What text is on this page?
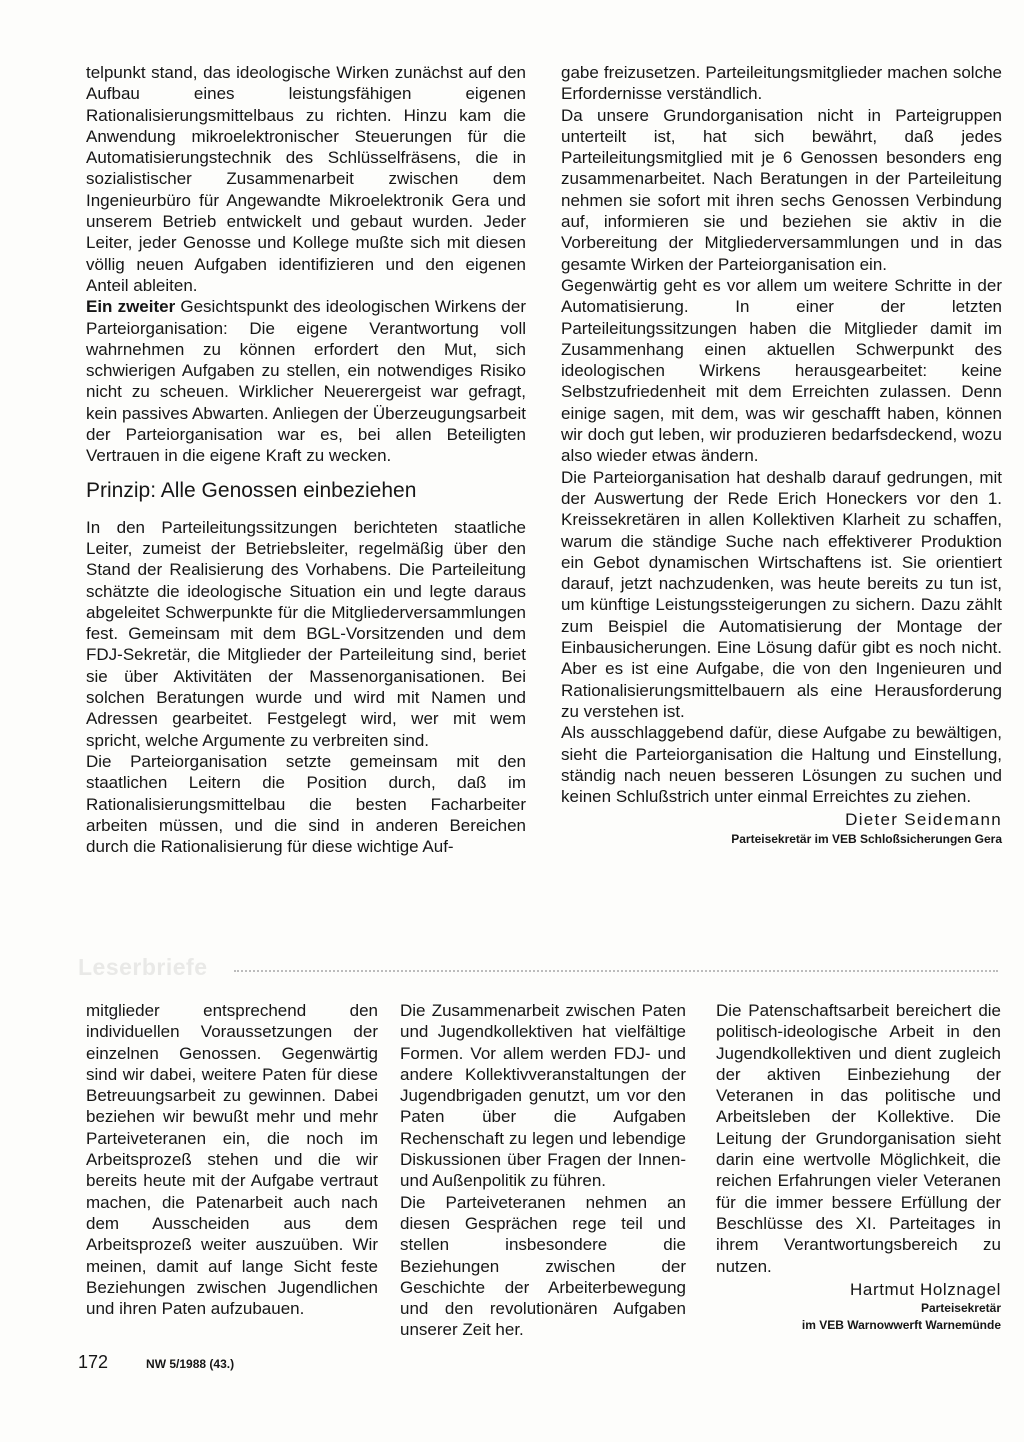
telpunkt stand, das ideologische Wirken zunächst auf den Aufbau eines leistungsfähigen eigenen Rationalisierungsmittelbaus zu richten. Hinzu kam die Anwendung mikroelektronischer Steuerungen für die Automatisierungstechnik des Schlüsselfräsens, die in sozialistischer Zusammenarbeit zwischen dem Ingenieurbüro für Angewandte Mikroelektronik Gera und unserem Betrieb entwickelt und gebaut wurden. Jeder Leiter, jeder Genosse und Kollege mußte sich mit diesen völlig neuen Aufgaben identifizieren und den eigenen Anteil ableiten.

Ein zweiter Gesichtspunkt des ideologischen Wirkens der Parteiorganisation: Die eigene Verantwortung voll wahrnehmen zu können erfordert den Mut, sich schwierigen Aufgaben zu stellen, ein notwendiges Risiko nicht zu scheuen. Wirklicher Neuerergeist war gefragt, kein passives Abwarten. Anliegen der Überzeugungsarbeit der Parteiorganisation war es, bei allen Beteiligten Vertrauen in die eigene Kraft zu wecken.

Prinzip: Alle Genossen einbeziehen

In den Parteileitungssitzungen berichteten staatliche Leiter, zumeist der Betriebsleiter, regelmäßig über den Stand der Realisierung des Vorhabens. Die Parteileitung schätzte die ideologische Situation ein und legte daraus abgeleitet Schwerpunkte für die Mitgliederversammlungen fest. Gemeinsam mit dem BGL-Vorsitzenden und dem FDJ-Sekretär, die Mitglieder der Parteileitung sind, beriet sie über Aktivitäten der Massenorganisationen. Bei solchen Beratungen wurde und wird mit Namen und Adressen gearbeitet. Festgelegt wird, wer mit wem spricht, welche Argumente zu verbreiten sind.

Die Parteiorganisation setzte gemeinsam mit den staatlichen Leitern die Position durch, daß im Rationalisierungsmittelbau die besten Facharbeiter arbeiten müssen, und die sind in anderen Bereichen durch die Rationalisierung für diese wichtige Auf-

gabe freizusetzen. Parteileitungsmitglieder machen solche Erfordernisse verständlich.

Da unsere Grundorganisation nicht in Parteigruppen unterteilt ist, hat sich bewährt, daß jedes Parteileitungsmitglied mit je 6 Genossen besonders eng zusammenarbeitet. Nach Beratungen in der Parteileitung nehmen sie sofort mit ihren sechs Genossen Verbindung auf, informieren sie und beziehen sie aktiv in die Vorbereitung der Mitgliederversammlungen und in das gesamte Wirken der Parteiorganisation ein.

Gegenwärtig geht es vor allem um weitere Schritte in der Automatisierung. In einer der letzten Parteileitungssitzungen haben die Mitglieder damit im Zusammenhang einen aktuellen Schwerpunkt des ideologischen Wirkens herausgearbeitet: keine Selbstzufriedenheit mit dem Erreichten zulassen. Denn einige sagen, mit dem, was wir geschafft haben, können wir doch gut leben, wir produzieren bedarfsdeckend, wozu also wieder etwas ändern.

Die Parteiorganisation hat deshalb darauf gedrungen, mit der Auswertung der Rede Erich Honeckers vor den 1. Kreissekretären in allen Kollektiven Klarheit zu schaffen, warum die ständige Suche nach effektiverer Produktion ein Gebot dynamischen Wirtschaftens ist. Sie orientiert darauf, jetzt nachzudenken, was heute bereits zu tun ist, um künftige Leistungssteigerungen zu sichern. Dazu zählt zum Beispiel die Automatisierung der Montage der Einbausicherungen. Eine Lösung dafür gibt es noch nicht. Aber es ist eine Aufgabe, die von den Ingenieuren und Rationalisierungsmittelbauern als eine Herausforderung zu verstehen ist.

Als ausschlaggebend dafür, diese Aufgabe zu bewältigen, sieht die Parteiorganisation die Haltung und Einstellung, ständig nach neuen besseren Lösungen zu suchen und keinen Schlußstrich unter einmal Erreichtes zu ziehen.

Dieter Seidemann

Parteisekretär im VEB Schloßsicherungen Gera

Leserbriefe

mitglieder entsprechend den individuellen Voraussetzungen der einzelnen Genossen. Gegenwärtig sind wir dabei, weitere Paten für diese Betreuungsarbeit zu gewinnen. Dabei beziehen wir bewußt mehr und mehr Parteiveteranen ein, die noch im Arbeitsprozeß stehen und die wir bereits heute mit der Aufgabe vertraut machen, die Patenarbeit auch nach dem Ausscheiden aus dem Arbeitsprozeß weiter auszuüben. Wir meinen, damit auf lange Sicht feste Beziehungen zwischen Jugendlichen und ihren Paten aufzubauen.

Die Zusammenarbeit zwischen Paten und Jugendkollektiven hat vielfältige Formen. Vor allem werden FDJ- und andere Kollektivveranstaltungen der Jugendbrigaden genutzt, um vor den Paten über die Aufgaben Rechenschaft zu legen und lebendige Diskussionen über Fragen der Innen- und Außenpolitik zu führen.

Die Parteiveteranen nehmen an diesen Gesprächen rege teil und stellen insbesondere die Beziehungen zwischen der Geschichte der Arbeiterbewegung und den revolutionären Aufgaben unserer Zeit her.

Die Patenschaftsarbeit bereichert die politisch-ideologische Arbeit in den Jugendkollektiven und dient zugleich der aktiven Einbeziehung der Veteranen in das politische und Arbeitsleben der Kollektive. Die Leitung der Grundorganisation sieht darin eine wertvolle Möglichkeit, die reichen Erfahrungen vieler Veteranen für die immer bessere Erfüllung der Beschlüsse des XI. Parteitages in ihrem Verantwortungsbereich zu nutzen.

Hartmut Holznagel

Parteisekretär

im VEB Warnowwerft Warnemünde

172	NW 5/1988 (43.)
